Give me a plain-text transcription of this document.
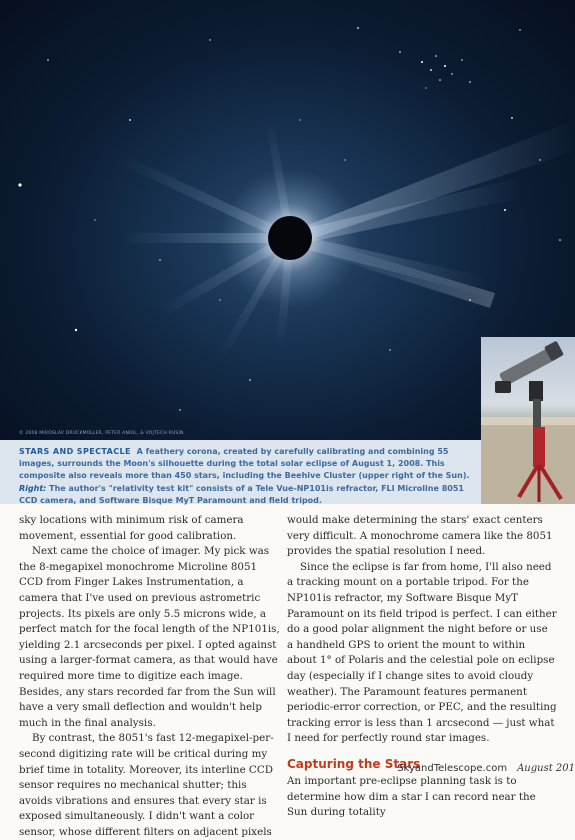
© 2008 MIROSLAV DRUCKMÜLLER, PETER ANIOL, & VOJTECH RUSIN
STARS AND SPECTACLE A feathery corona, created by carefully calibrating and combining 55 images, surrounds the Moon's silhouette during the total solar eclipse of August 1, 2008. This composite also reveals more than 450 stars, including the Beehive Cluster (upper right of the Sun). Right: The author's "relativity test kit" consists of a Tele Vue-NP101is refractor, FLI Microline 8051 CCD camera, and Software Bisque MyT Paramount and field tripod.

sky locations with minimum risk of camera movement, essential for good calibration.

Next came the choice of imager. My pick was the 8-megapixel monochrome Microline 8051 CCD from Finger Lakes Instrumentation, a camera that I've used on previous astrometric projects. Its pixels are only 5.5 microns wide, a perfect match for the focal length of the NP101is, yielding 2.1 arcseconds per pixel. I opted against using a larger-format camera, as that would have required more time to digitize each image. Besides, any stars recorded far from the Sun will have a very small deflection and wouldn't help much in the final analysis.

By contrast, the 8051's fast 12-megapixel-per-second digitizing rate will be critical during my brief time in totality. Moreover, its interline CCD sensor requires no mechanical shutter; this avoids vibrations and ensures that every star is exposed simultaneously. I didn't want a color sensor, whose different filters on adjacent pixels

would make determining the stars' exact centers very difficult. A monochrome camera like the 8051 provides the spatial resolution I need.

Since the eclipse is far from home, I'll also need a tracking mount on a portable tripod. For the NP101is refractor, my Software Bisque MyT Paramount on its field tripod is perfect. I can either do a good polar alignment the night before or use a handheld GPS to orient the mount to within about 1° of Polaris and the celestial pole on eclipse day (especially if I change sites to avoid cloudy weather). The Paramount features permanent periodic-error correction, or PEC, and the resulting tracking error is less than 1 arcsecond — just what I need for perfectly round star images.

Capturing the Stars

An important pre-eclipse planning task is to determine how dim a star I can record near the Sun during totality

SkyandTelescope.com August 201
